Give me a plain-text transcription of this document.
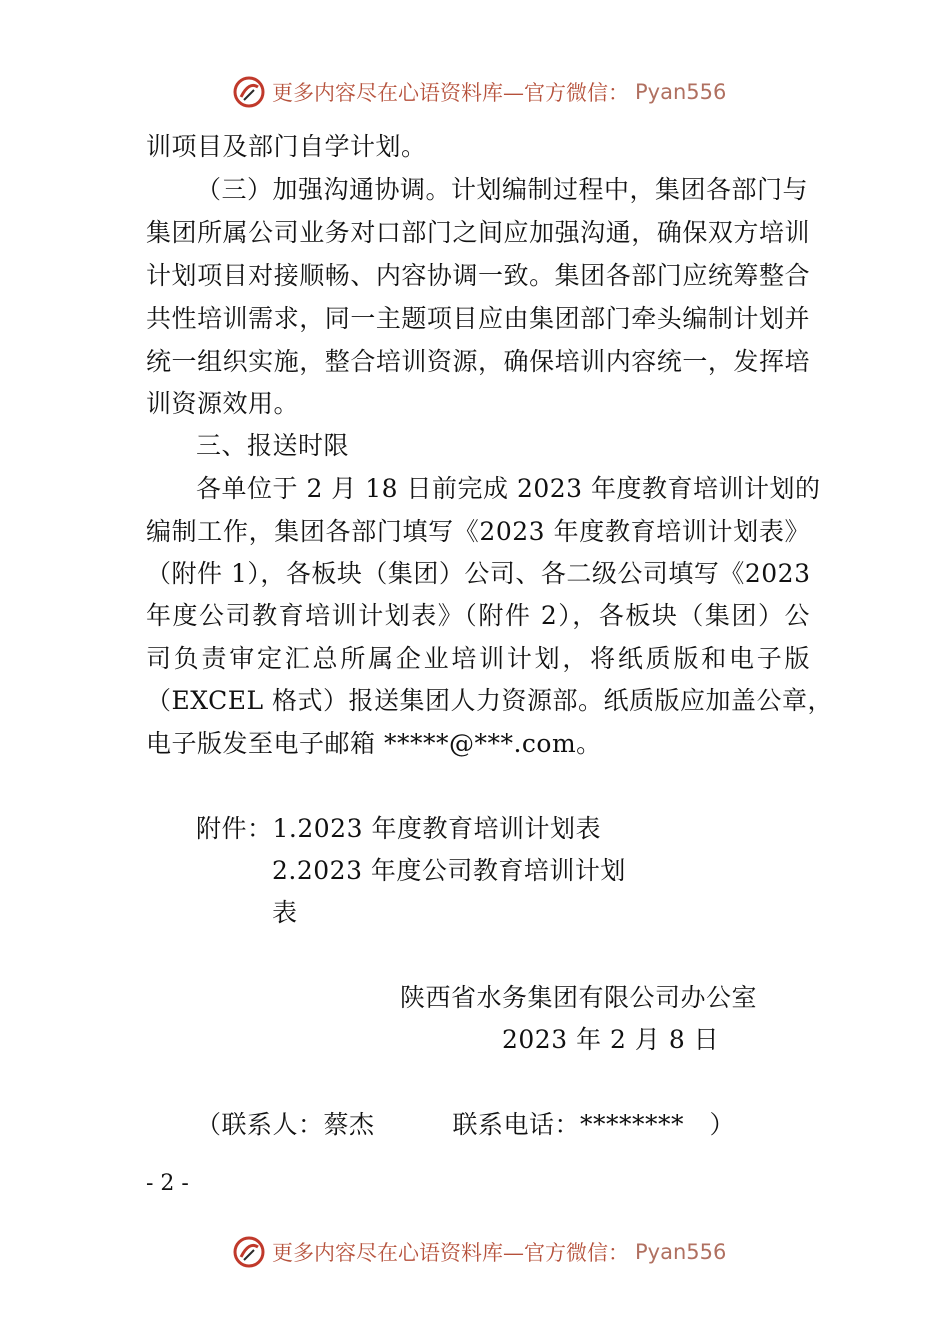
更多内容尽在心语资料库—官方微信： Pyan556
训项目及部门自学计划。
（三）加强沟通协调。计划编制过程中，集团各部门与
集团所属公司业务对口部门之间应加强沟通，确保双方培训
计划项目对接顺畅、内容协调一致。集团各部门应统筹整合
共性培训需求，同一主题项目应由集团部门牵头编制计划并
统一组织实施，整合培训资源，确保培训内容统一，发挥培
训资源效用。
三、报送时限
各单位于 2 月 18 日前完成 2023 年度教育培训计划的
编制工作，集团各部门填写《2023 年度教育培训计划表》
（附件 1），各板块（集团）公司、各二级公司填写《2023
年度公司教育培训计划表》（附件 2），各板块（集团）公
司负责审定汇总所属企业培训计划，将纸质版和电子版
（EXCEL 格式）报送集团人力资源部。纸质版应加盖公章，
电子版发至电子邮箱 *****@***.com。
附件：1.2023 年度教育培训计划表
2.2023 年度公司教育培训计划
表
陕西省水务集团有限公司办公室
2023 年 2 月 8 日
（联系人：蔡杰	联系电话：********　）
- 2 -
更多内容尽在心语资料库—官方微信： Pyan556
